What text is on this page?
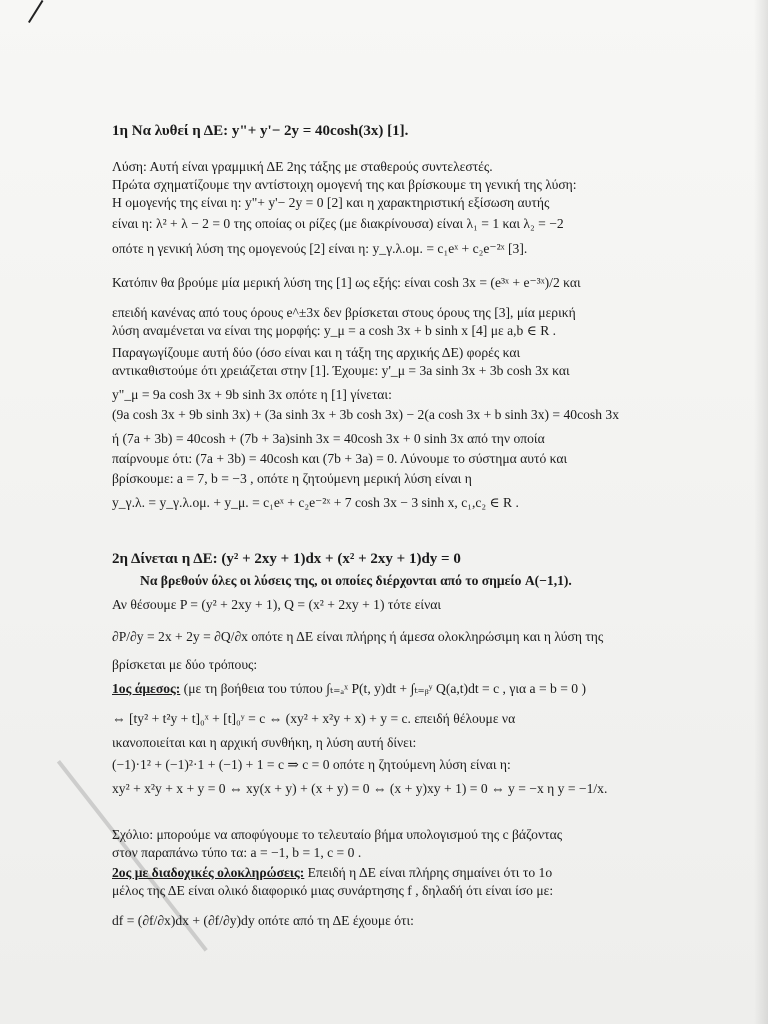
1η Να λυθεί η ΔΕ: y"+ y'− 2y = 40cosh(3x) [1].
Λύση: Αυτή είναι γραμμική ΔΕ 2ης τάξης με σταθερούς συντελεστές.
Πρώτα σχηματίζουμε την αντίστοιχη ομογενή της και βρίσκουμε τη γενική της λύση:
Η ομογενής της είναι η: y"+ y'− 2y = 0 [2] και η χαρακτηριστική εξίσωση αυτής
είναι η: λ² + λ − 2 = 0 της οποίας οι ρίζες (με διακρίνουσα) είναι λ₁ = 1 και λ₂ = −2
οπότε η γενική λύση της ομογενούς [2] είναι η: y_γ.λ.ομ. = c₁eˣ + c₂e⁻²ˣ [3].
Κατόπιν θα βρούμε μία μερική λύση της [1] ως εξής: είναι cosh 3x = (e³ˣ + e⁻³ˣ)/2 και
επειδή κανένας από τους όρους e^±3x δεν βρίσκεται στους όρους της [3], μία μερική
λύση αναμένεται να είναι της μορφής: y_μ = a cosh 3x + b sinh x [4] με a,b ∈ R .
Παραγωγίζουμε αυτή δύο (όσο είναι και η τάξη της αρχικής ΔΕ) φορές και
αντικαθιστούμε ότι χρειάζεται στην [1]. Έχουμε: y'_μ = 3a sinh 3x + 3b cosh 3x και
y"_μ = 9a cosh 3x + 9b sinh 3x οπότε η [1] γίνεται:
(9a cosh 3x + 9b sinh 3x) + (3a sinh 3x + 3b cosh 3x) − 2(a cosh 3x + b sinh 3x) = 40cosh 3x
ή (7a + 3b) = 40cosh + (7b + 3a)sinh 3x = 40cosh 3x + 0 sinh 3x από την οποία
παίρνουμε ότι: (7a + 3b) = 40cosh και (7b + 3a) = 0. Λύνουμε το σύστημα αυτό και
βρίσκουμε: a = 7, b = −3 , οπότε η ζητούμενη μερική λύση είναι η
y_γ.λ. = y_γ.λ.ομ. + y_μ. = c₁eˣ + c₂e⁻²ˣ + 7 cosh 3x − 3 sinh x, c₁,c₂ ∈ R .
2η Δίνεται η ΔΕ: (y² + 2xy + 1)dx + (x² + 2xy + 1)dy = 0
Να βρεθούν όλες οι λύσεις της, οι οποίες διέρχονται από το σημείο A(−1,1).
Αν θέσουμε P = (y² + 2xy + 1), Q = (x² + 2xy + 1) τότε είναι
∂P/∂y = 2x + 2y = ∂Q/∂x οπότε η ΔΕ είναι πλήρης ή άμεσα ολοκληρώσιμη και η λύση της
βρίσκεται με δύο τρόπους:
1ος άμεσος: (με τη βοήθεια του τύπου ∫ₜ₌ₐˣ P(t, y)dt + ∫ₜ₌ᵦʸ Q(a,t)dt = c , για a = b = 0 )
⇔ [ty² + t²y + t]₀ˣ + [t]₀ʸ = c ⇔ (xy² + x²y + x) + y = c. επειδή θέλουμε να
ικανοποιείται και η αρχική συνθήκη, η λύση αυτή δίνει:
(−1)·1² + (−1)²·1 + (−1) + 1 = c ⇒ c = 0 οπότε η ζητούμενη λύση είναι η:
xy² + x²y + x + y = 0 ⇔ xy(x + y) + (x + y) = 0 ⇔ (x + y)xy + 1) = 0 ⇔ y = −x η y = −1/x.
Σχόλιο: μπορούμε να αποφύγουμε το τελευταίο βήμα υπολογισμού της c βάζοντας
στον παραπάνω τύπο τα: a = −1, b = 1, c = 0 .
2ος με διαδοχικές ολοκληρώσεις: Επειδή η ΔΕ είναι πλήρης σημαίνει ότι το 1ο
μέλος της ΔΕ είναι ολικό διαφορικό μιας συνάρτησης f , δηλαδή ότι είναι ίσο με:
df = (∂f/∂x)dx + (∂f/∂y)dy οπότε από τη ΔΕ έχουμε ότι:
